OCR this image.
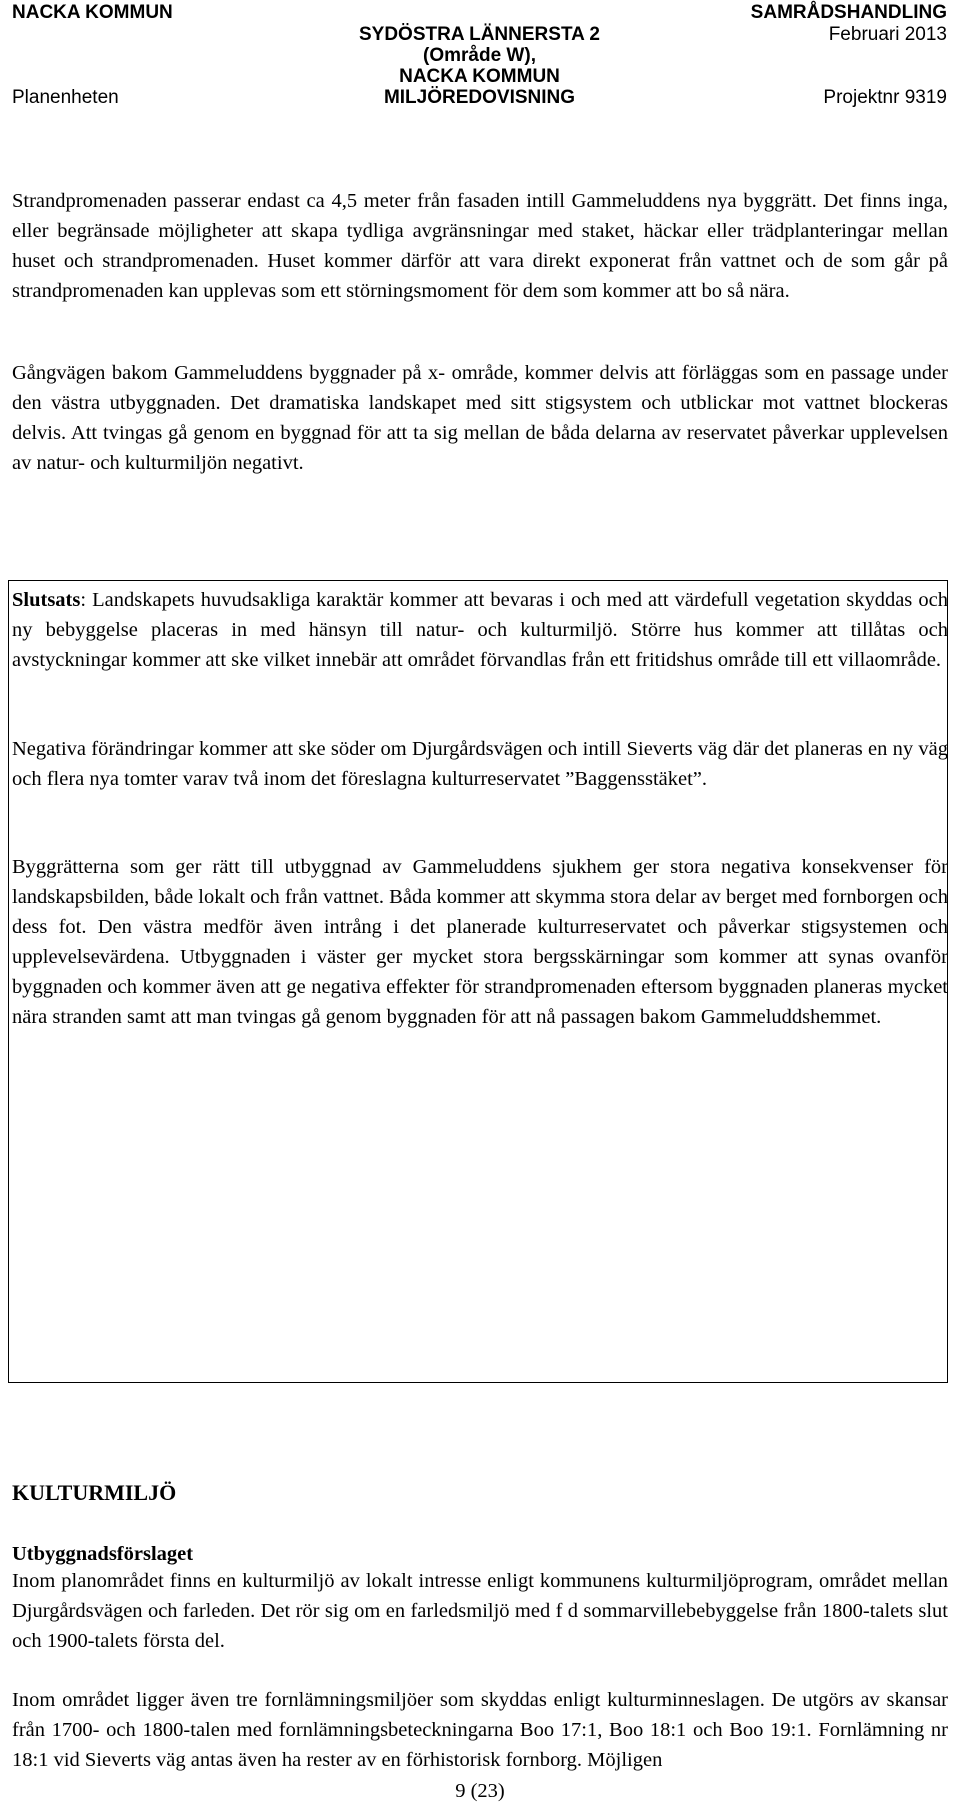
NACKA KOMMUN
Planenheten
SYDÖSTRA LÄNNERSTA 2
(Område W),
NACKA KOMMUN
MILJÖREDOVISNING
SAMRÅDSHANDLING
Februari 2013
Projektnr 9319
Strandpromenaden passerar endast ca 4,5 meter från fasaden intill Gammeluddens nya byggrätt. Det finns inga, eller begränsade möjligheter att skapa tydliga avgränsningar med staket, häckar eller trädplanteringar mellan huset och strandpromenaden. Huset kommer därför att vara direkt exponerat från vattnet och de som går på strandpromenaden kan upplevas som ett störningsmoment för dem som kommer att bo så nära.
Gångvägen bakom Gammeluddens byggnader på x- område, kommer delvis att förläggas som en passage under den västra utbyggnaden. Det dramatiska landskapet med sitt stigsystem och utblickar mot vattnet blockeras delvis. Att tvingas gå genom en byggnad för att ta sig mellan de båda delarna av reservatet påverkar upplevelsen av natur- och kulturmiljön negativt.
Slutsats: Landskapets huvudsakliga karaktär kommer att bevaras i och med att värdefull vegetation skyddas och ny bebyggelse placeras in med hänsyn till natur- och kulturmiljö. Större hus kommer att tillåtas och avstyckningar kommer att ske vilket innebär att området förvandlas från ett fritidshus område till ett villaområde.
Negativa förändringar kommer att ske söder om Djurgårdsvägen och intill Sieverts väg där det planeras en ny väg och flera nya tomter varav två inom det föreslagna kulturreservatet ”Baggensstäket”.
Byggrätterna som ger rätt till utbyggnad av Gammeluddens sjukhem ger stora negativa konsekvenser för landskapsbilden, både lokalt och från vattnet. Båda kommer att skymma stora delar av berget med fornborgen och dess fot. Den västra medför även intrång i det planerade kulturreservatet och påverkar stigsystemen och upplevelsevärdena. Utbyggnaden i väster ger mycket stora bergsskärningar som kommer att synas ovanför byggnaden och kommer även att ge negativa effekter för strandpromenaden eftersom byggnaden planeras mycket nära stranden samt att man tvingas gå genom byggnaden för att nå passagen bakom Gammeluddshemmet.
KULTURMILJÖ
Utbyggnadsförslaget
Inom planområdet finns en kulturmiljö av lokalt intresse enligt kommunens kulturmiljöprogram, området mellan Djurgårdsvägen och farleden. Det rör sig om en farledsmiljö med f d sommarvillebebyggelse från 1800-talets slut och 1900-talets första del.
Inom området ligger även tre fornlämningsmiljöer som skyddas enligt kulturminneslagen. De utgörs av skansar från 1700- och 1800-talen med fornlämningsbeteckningarna Boo 17:1, Boo 18:1 och Boo 19:1. Fornlämning nr 18:1 vid Sieverts väg antas även ha rester av en förhistorisk fornborg. Möjligen
9 (23)
